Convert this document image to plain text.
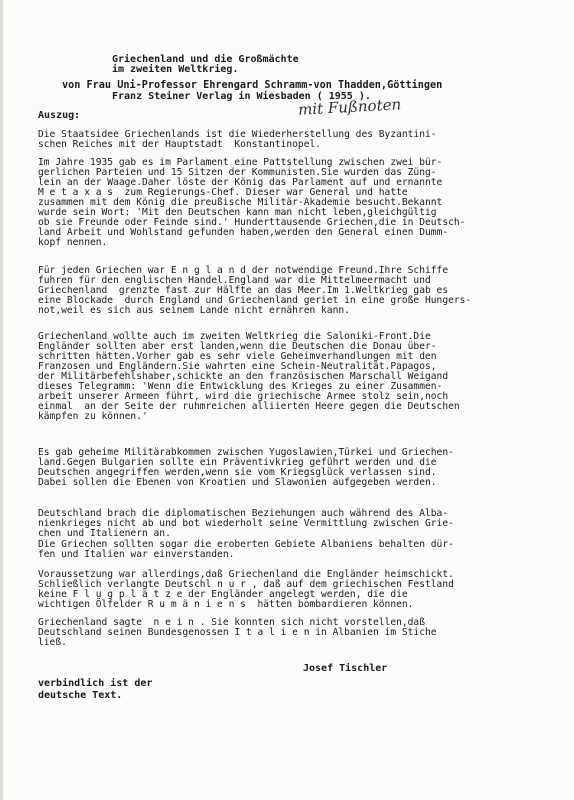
Griechenland und die Großmächte
im zweiten Weltkrieg.
von Frau Uni-Professor Ehrengard Schramm-von Thadden,Göttingen
Franz Steiner Verlag in Wiesbaden ( 1955 ).
mit Fußnoten
Auszug:
Die Staatsidee Griechenlands ist die Wiederherstellung des Byzantini-
schen Reiches mit der Hauptstadt  Konstantinopel.
Im Jahre 1935 gab es im Parlament eine Pattstellung zwischen zwei bür-
gerlichen Parteien und 15 Sitzen der Kommunisten.Sie wurden das Züng-
lein an der Waage.Daher löste der König das Parlament auf und ernannte
M e t a x a s  zum Regierungs-Chef. Dieser war General und hatte
zusammen mit dem König die preußische Militär-Akademie besucht.Bekannt
wurde sein Wort: 'Mit den Deutschen kann man nicht leben,gleichgültig
ob sie Freunde oder Feinde sind.' Hunderttausende Griechen,die in Deutsch-
land Arbeit und Wohlstand gefunden haben,werden den General einen Dumm-
kopf nennen.
Für jeden Griechen war E n g l a n d der notwendige Freund.Ihre Schiffe
fuhren für den englischen Handel.England war die Mittelmeermacht und
Griechenland  grenzte fast zur Hälfte an das Meer.Im 1.Weltkrieg gab es
eine Blockade  durch England und Griechenland geriet in eine große Hungers-
not,weil es sich aus seinem Lande nicht ernähren kann.
Griechenland wollte auch im zweiten Weltkrieg die Saloniki-Front.Die
Engländer sollten aber erst landen,wenn die Deutschen die Donau über-
schritten hätten.Vorher gab es sehr viele Geheimverhandlungen mit den
Franzosen und Engländern.Sie wahrten eine Schein-Neutralität.Papagos,
der Militärbefehlshaber,schickte an den französischen Marschall Weigand
dieses Telegramm: 'Wenn die Entwicklung des Krieges zu einer Zusammen-
arbeit unserer Armeen führt, wird die griechische Armee stolz sein,noch
einmal  an der Seite der ruhmreichen alliierten Heere gegen die Deutschen
kämpfen zu können.'
Es gab geheime Militärabkommen zwischen Yugoslawien,Türkei und Griechen-
land.Gegen Bulgarien sollte ein Präventivkrieg geführt werden und die
Deutschen angegriffen werden,wenn sie vom Kriegsglück verlassen sind.
Dabei sollen die Ebenen von Kroatien und Slawonien aufgegeben werden.
Deutschland brach die diplomatischen Beziehungen auch während des Alba-
nienkrieges nicht ab und bot wiederholt seine Vermittlung zwischen Grie-
chen und Italienern an.
Die Griechen sollten sogar die eroberten Gebiete Albaniens behalten dür-
fen und Italien war einverstanden.
Voraussetzung war allerdings,daß Griechenland die Engländer heimschickt.
Schließlich verlangte Deutschl n u r , daß auf dem griechischen Festland
keine F l u g p l ä t z e der Engländer angelegt werden, die die
wichtigen Ölfelder R u m ä n i e n s  hätten bombardieren können.
Griechenland sagte  n e i n . Sie konnten sich nicht vorstellen,daß
Deutschland seinen Bundesgenossen I t a l i e n in Albanien im Stiche
ließ.
Josef Tischler
verbindlich ist der
deutsche Text.
